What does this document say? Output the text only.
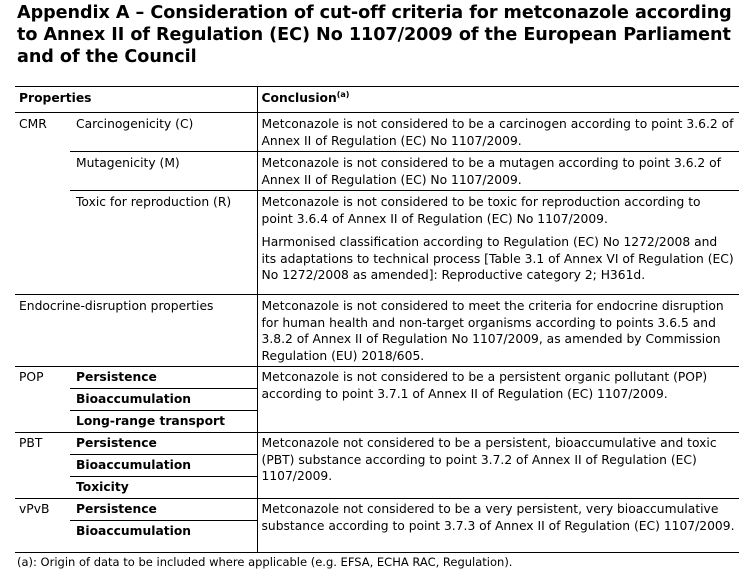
Appendix A – Consideration of cut-off criteria for metconazole according to Annex II of Regulation (EC) No 1107/2009 of the European Parliament and of the Council
Properties		Conclusion$^{(a)}$
CMR	Carcinogenicity (C)	Metconazole is not considered to be a carcinogen according to point 3.6.2 of Annex II of Regulation (EC) No 1107/2009.
	Mutagenicity (M)	Metconazole is not considered to be a mutagen according to point 3.6.2 of Annex II of Regulation (EC) No 1107/2009.
	Toxic for reproduction (R)	Metconazole is not considered to be toxic for reproduction according to point 3.6.4 of Annex II of Regulation (EC) No 1107/2009.

Harmonised classification according to Regulation (EC) No 1272/2008 and its adaptations to technical process [Table 3.1 of Annex VI of Regulation (EC) No 1272/2008 as amended]: Reproductive category 2; H361d.

Endocrine-disruption properties		Metconazole is not considered to meet the criteria for endocrine disruption for human health and non-target organisms according to points 3.6.5 and 3.8.2 of Annex II of Regulation No 1107/2009, as amended by Commission Regulation (EU) 2018/605.
POP	Persistence	Metconazole is not considered to be a persistent organic pollutant (POP) according to point 3.7.1 of Annex II of Regulation (EC) 1107/2009.
	Bioaccumulation	
	Long-range transport	
PBT	Persistence	Metconazole not considered to be a persistent, bioaccumulative and toxic (PBT) substance according to point 3.7.2 of Annex II of Regulation (EC) 1107/2009.
	Bioaccumulation	
	Toxicity	
vPvB	Persistence	Metconazole not considered to be a very persistent, very bioaccumulative substance according to point 3.7.3 of Annex II of Regulation (EC) 1107/2009.
	Bioaccumulation	
(a): Origin of data to be included where applicable (e.g. EFSA, ECHA RAC, Regulation).
